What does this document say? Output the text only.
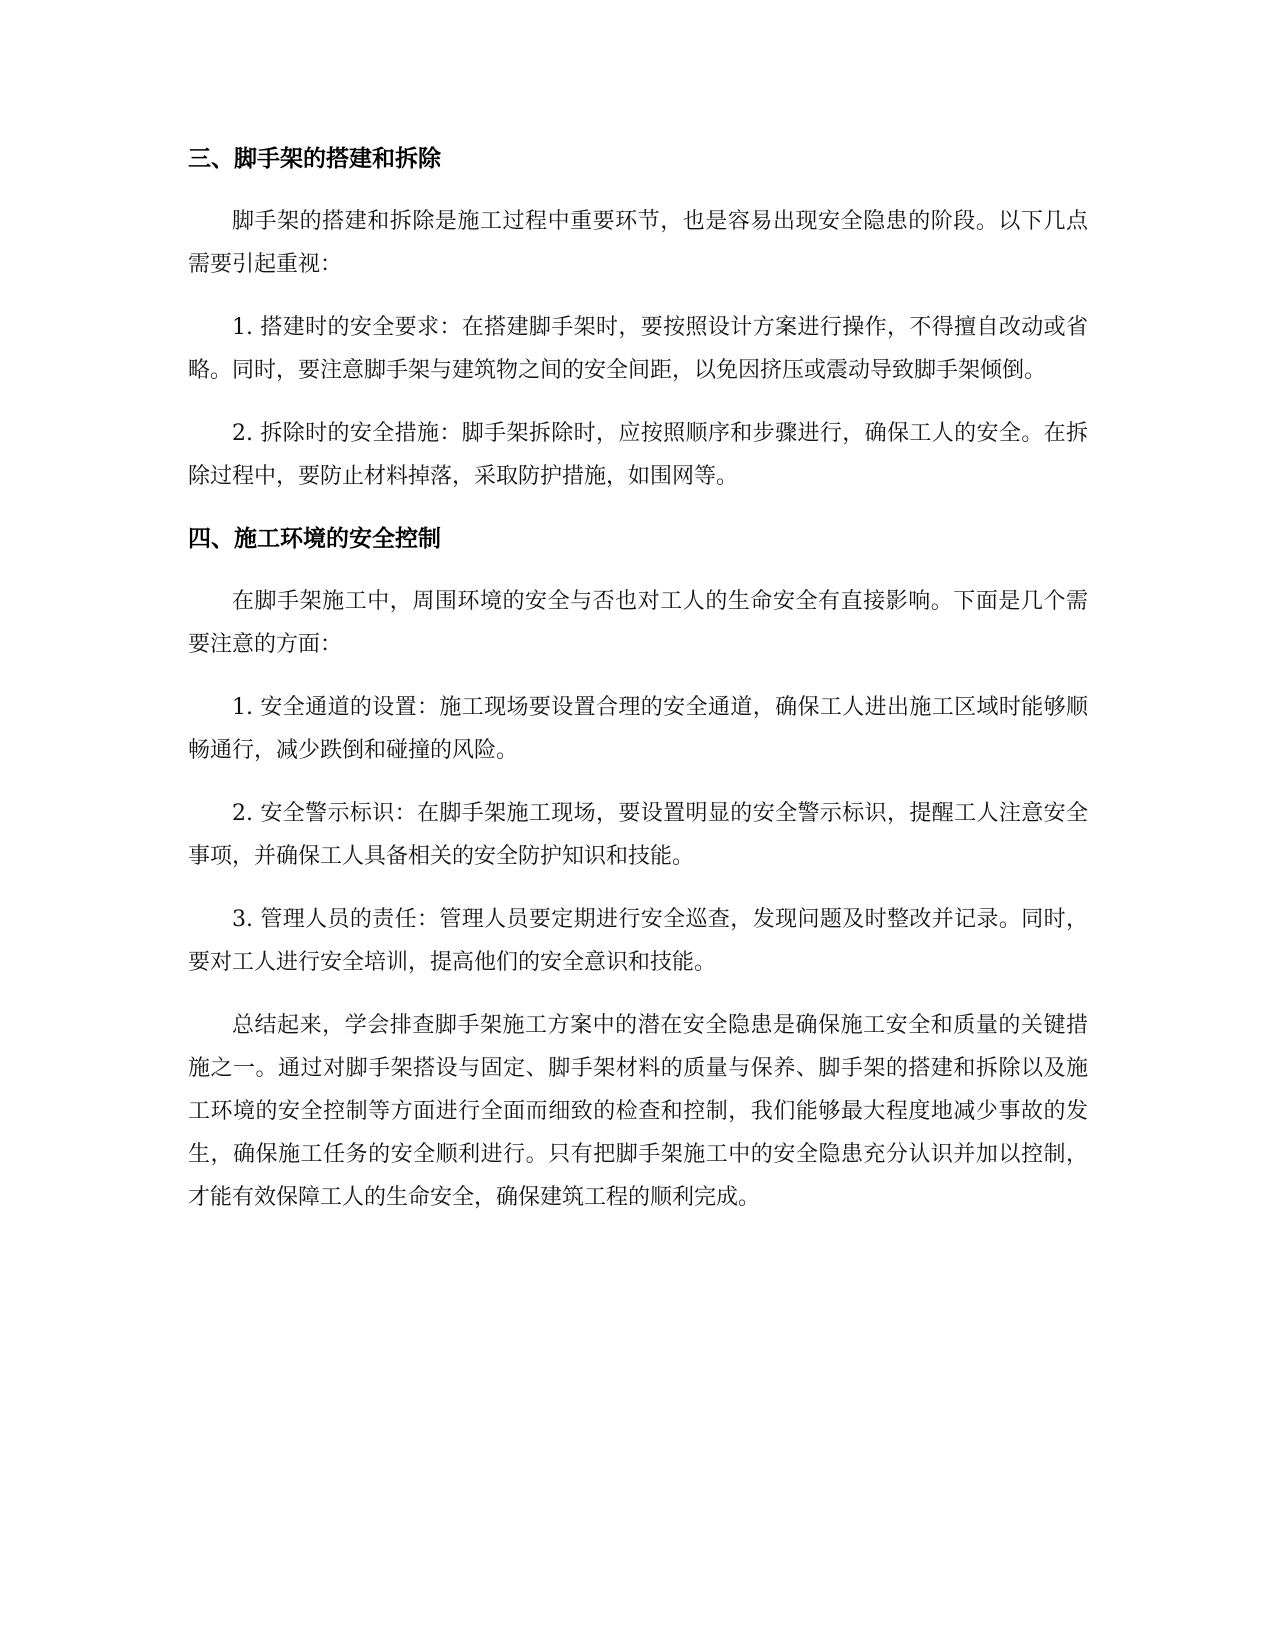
三、脚手架的搭建和拆除

脚手架的搭建和拆除是施工过程中重要环节，也是容易出现安全隐患的阶段。以下几点需要引起重视：

1. 搭建时的安全要求：在搭建脚手架时，要按照设计方案进行操作，不得擅自改动或省略。同时，要注意脚手架与建筑物之间的安全间距，以免因挤压或震动导致脚手架倾倒。

2. 拆除时的安全措施：脚手架拆除时，应按照顺序和步骤进行，确保工人的安全。在拆除过程中，要防止材料掉落，采取防护措施，如围网等。

四、施工环境的安全控制

在脚手架施工中，周围环境的安全与否也对工人的生命安全有直接影响。下面是几个需要注意的方面：

1. 安全通道的设置：施工现场要设置合理的安全通道，确保工人进出施工区域时能够顺畅通行，减少跌倒和碰撞的风险。

2. 安全警示标识：在脚手架施工现场，要设置明显的安全警示标识，提醒工人注意安全事项，并确保工人具备相关的安全防护知识和技能。

3. 管理人员的责任：管理人员要定期进行安全巡查，发现问题及时整改并记录。同时，要对工人进行安全培训，提高他们的安全意识和技能。

总结起来，学会排查脚手架施工方案中的潜在安全隐患是确保施工安全和质量的关键措施之一。通过对脚手架搭设与固定、脚手架材料的质量与保养、脚手架的搭建和拆除以及施工环境的安全控制等方面进行全面而细致的检查和控制，我们能够最大程度地减少事故的发生，确保施工任务的安全顺利进行。只有把脚手架施工中的安全隐患充分认识并加以控制，才能有效保障工人的生命安全，确保建筑工程的顺利完成。
